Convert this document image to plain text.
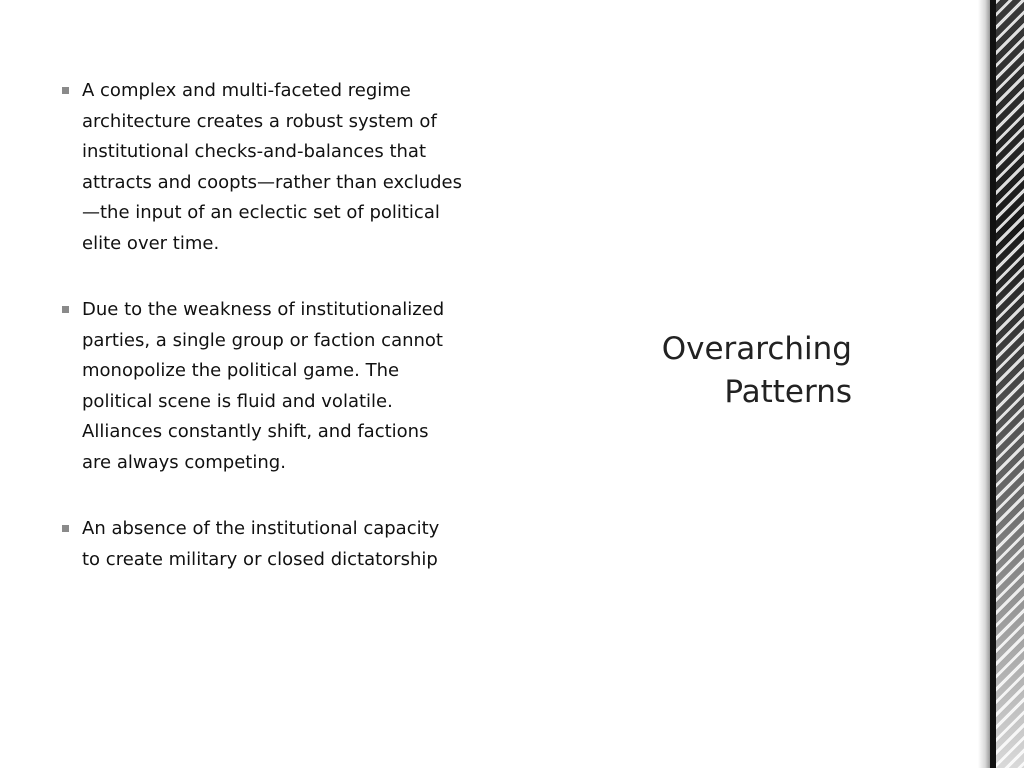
A complex and multi-faceted regime architecture creates a robust system of institutional checks-and-balances that attracts and coopts—rather than excludes—the input of an eclectic set of political elite over time.
Due to the weakness of institutionalized parties, a single group or faction cannot monopolize the political game. The political scene is fluid and volatile. Alliances constantly shift, and factions are always competing.
An absence of the institutional capacity to create military or closed dictatorship
Overarching
Patterns
